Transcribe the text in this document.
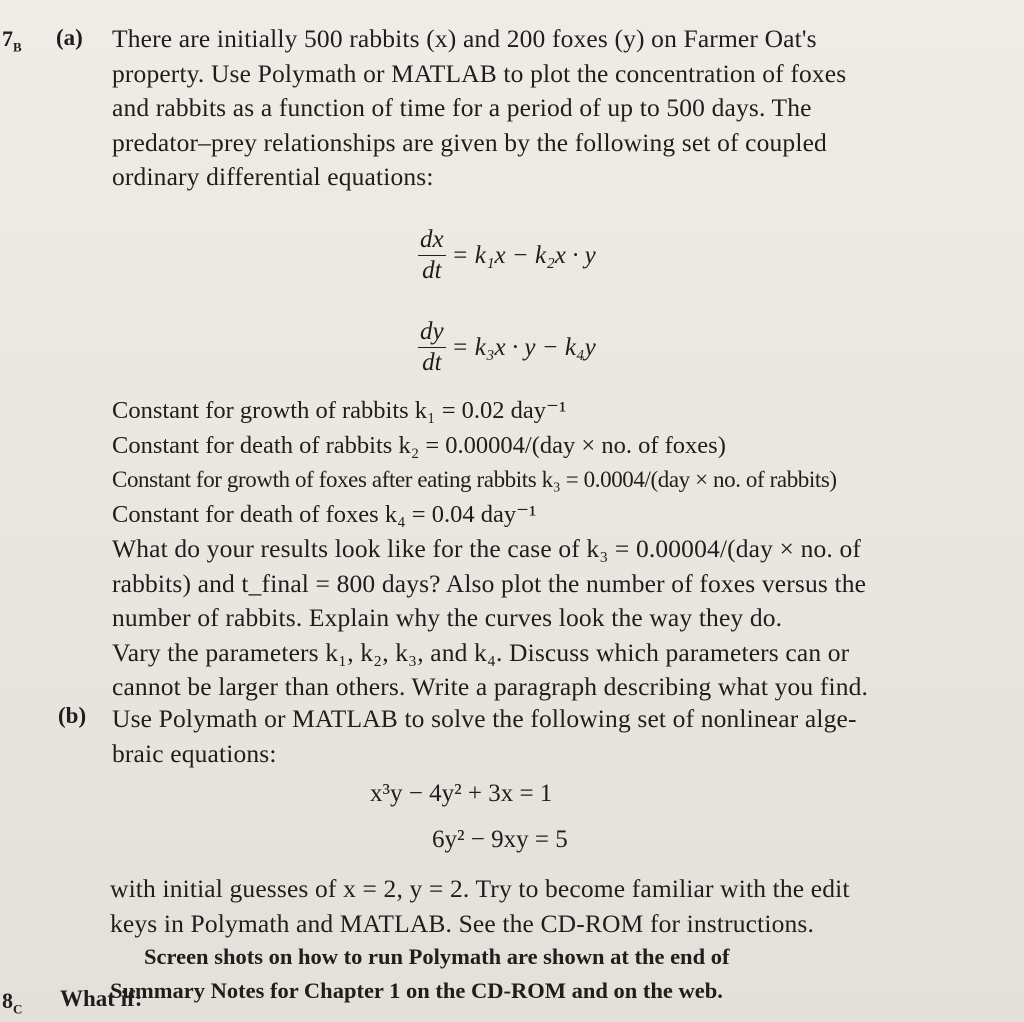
$7_B$ (a) There are initially 500 rabbits (x) and 200 foxes (y) on Farmer Oat's
property. Use Polymath or MATLAB to plot the concentration of foxes
and rabbits as a function of time for a period of up to 500 days. The
predator–prey relationships are given by the following set of coupled
ordinary differential equations:
$\frac{dx}{dt} = k_1x - k_2x \cdot y$
$\frac{dy}{dt} = k_3x \cdot y - k_4y$
Constant for growth of rabbits k₁ = 0.02 day⁻¹
Constant for death of rabbits k₂ = 0.00004/(day × no. of foxes)
Constant for growth of foxes after eating rabbits k₃ = 0.0004/(day × no. of rabbits)
Constant for death of foxes k₄ = 0.04 day⁻¹
What do your results look like for the case of k₃ = 0.00004/(day × no. of
rabbits) and t_final = 800 days? Also plot the number of foxes versus the
number of rabbits. Explain why the curves look the way they do.
Vary the parameters k₁, k₂, k₃, and k₄. Discuss which parameters can or
cannot be larger than others. Write a paragraph describing what you find.
(b) Use Polymath or MATLAB to solve the following set of nonlinear alge-
braic equations:
x³y − 4y² + 3x = 1
6y² − 9xy = 5
with initial guesses of x = 2, y = 2. Try to become familiar with the edit
keys in Polymath and MATLAB. See the CD-ROM for instructions.
Screen shots on how to run Polymath are shown at the end of
Summary Notes for Chapter 1 on the CD-ROM and on the web.
$8_C$ What if:
